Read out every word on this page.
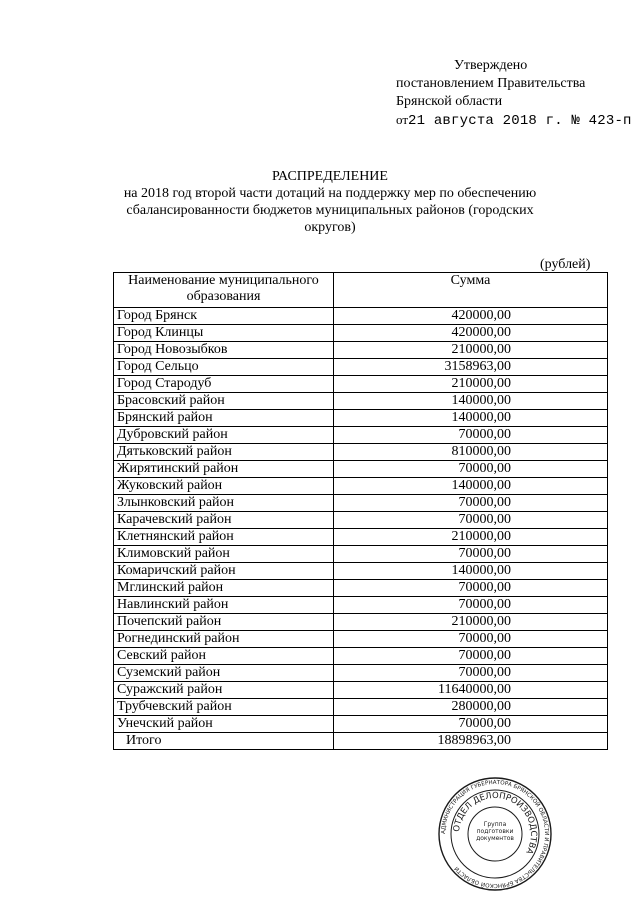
Утверждено
постановлением Правительства
Брянской области
от21 августа 2018 г. № 423-п
РАСПРЕДЕЛЕНИЕ
на 2018 год второй части дотаций на поддержку мер по обеспечению
сбалансированности бюджетов муниципальных районов (городских
округов)
(рублей)
Наименование муниципального образования	Сумма
Город Брянск	420000,00
Город Клинцы	420000,00
Город Новозыбков	210000,00
Город Сельцо	3158963,00
Город Стародуб	210000,00
Брасовский район	140000,00
Брянский район	140000,00
Дубровский район	70000,00
Дятьковский район	810000,00
Жирятинский район	70000,00
Жуковский район	140000,00
Злынковский район	70000,00
Карачевский район	70000,00
Клетнянский район	210000,00
Климовский район	70000,00
Комаричский район	140000,00
Мглинский район	70000,00
Навлинский район	70000,00
Почепский район	210000,00
Рогнединский район	70000,00
Севский район	70000,00
Суземский район	70000,00
Суражский район	11640000,00
Трубчевский район	280000,00
Унечский район	70000,00
Итого	18898963,00
АДМИНИСТРАЦИЯ ГУБЕРНАТОРА БРЯНСКОЙ ОБЛАСТИ И ПРАВИТЕЛЬСТВА БРЯНСКОЙ ОБЛАСТИ
ОТДЕЛ ДЕЛОПРОИЗВОДСТВА
Группа подготовки документов
